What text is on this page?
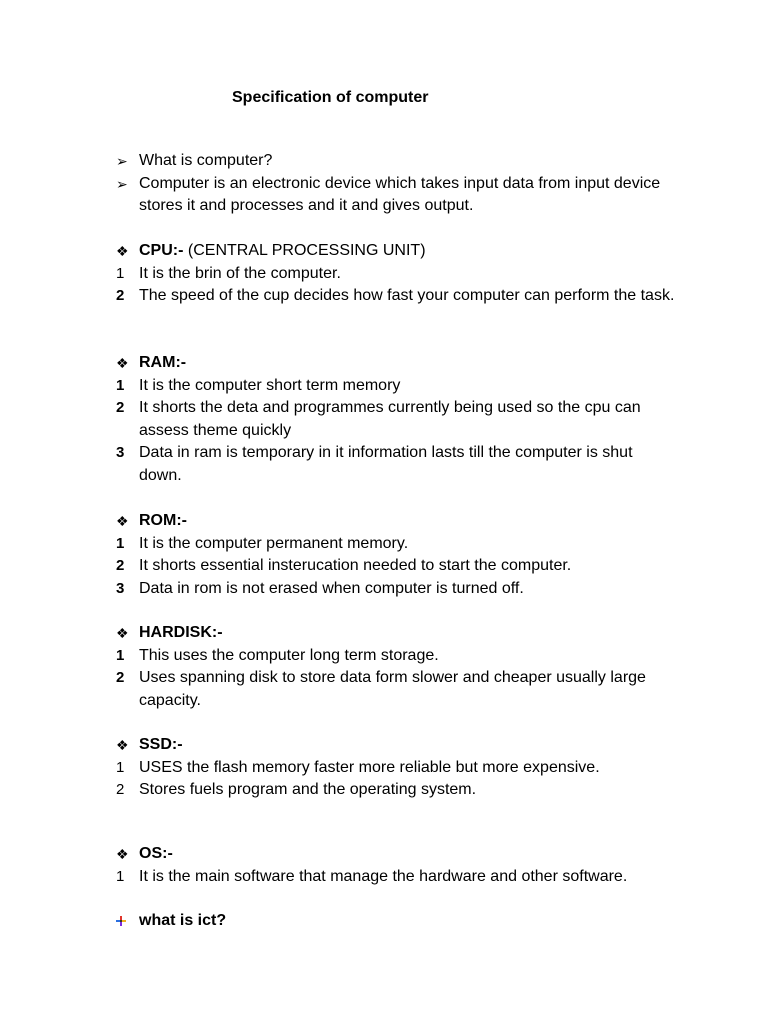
Specification of computer
➢ What is computer?
➢ Computer is an electronic device which takes input data from input device stores it and processes and it and gives output.
❖ CPU:- (CENTRAL PROCESSING UNIT)
1 It is the brin of the computer.
2 The speed of the cup decides how fast your computer can perform the task.
❖ RAM:-
1 It is the computer short term memory
2 It shorts the deta and programmes currently being used so the cpu can assess theme quickly
3 Data in ram is temporary in it information lasts till the computer is shut down.
❖ ROM:-
1 It is the computer permanent memory.
2 It shorts essential insterucation needed to start the computer.
3 Data in rom is not erased when computer is turned off.
❖ HARDISK:-
1 This uses the computer long term storage.
2 Uses spanning disk to store data form slower and cheaper usually large capacity.
❖ SSD:-
1 USES the flash memory faster more reliable but more expensive.
2 Stores fuels program and the operating system.
❖ OS:-
1 It is the main software that manage the hardware and other software.
what is ict?
